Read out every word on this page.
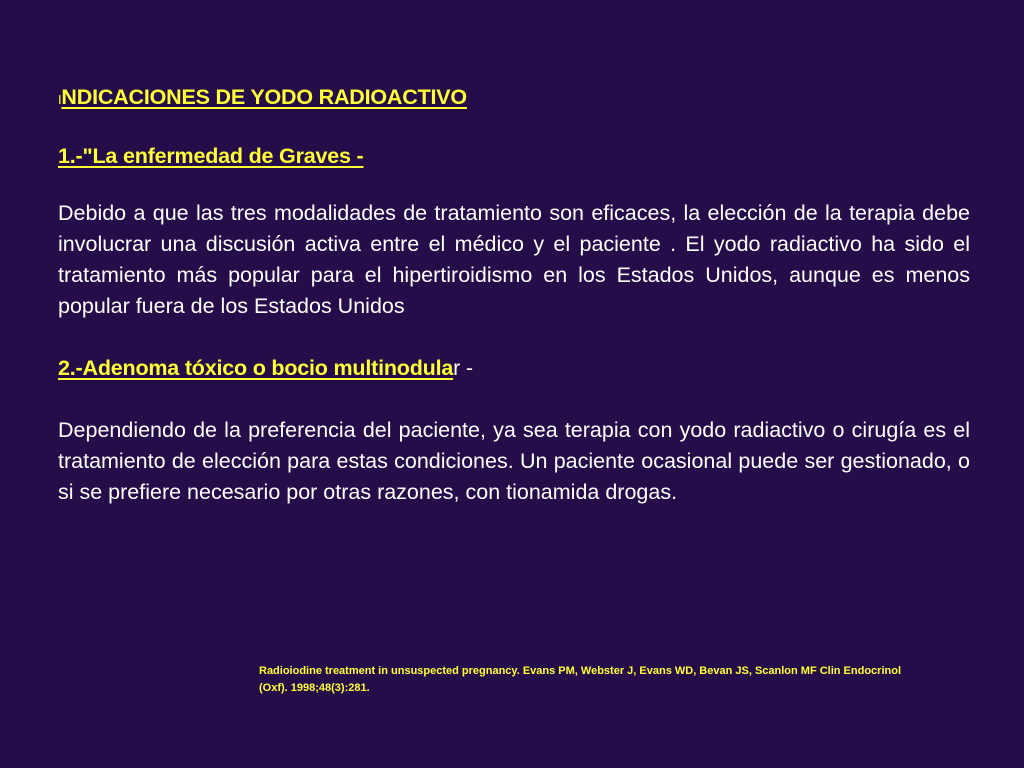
INDICACIONES DE YODO RADIOACTIVO

1.-"La enfermedad de Graves -

Debido a que las tres modalidades de tratamiento son eficaces, la elección de la terapia debe involucrar una discusión activa entre el médico y el paciente . El yodo radiactivo ha sido el tratamiento más popular para el hipertiroidismo en los Estados Unidos, aunque es menos popular fuera de los Estados Unidos

2.-Adenoma tóxico o bocio multinodular -

Dependiendo de la preferencia del paciente, ya sea terapia con yodo radiactivo o cirugía es el tratamiento de elección para estas condiciones. Un paciente ocasional puede ser gestionado, o si se prefiere necesario por otras razones, con tionamida drogas.

Radioiodine treatment in unsuspected pregnancy. Evans PM, Webster J, Evans WD, Bevan JS, Scanlon MF Clin Endocrinol
(Oxf). 1998;48(3):281.
